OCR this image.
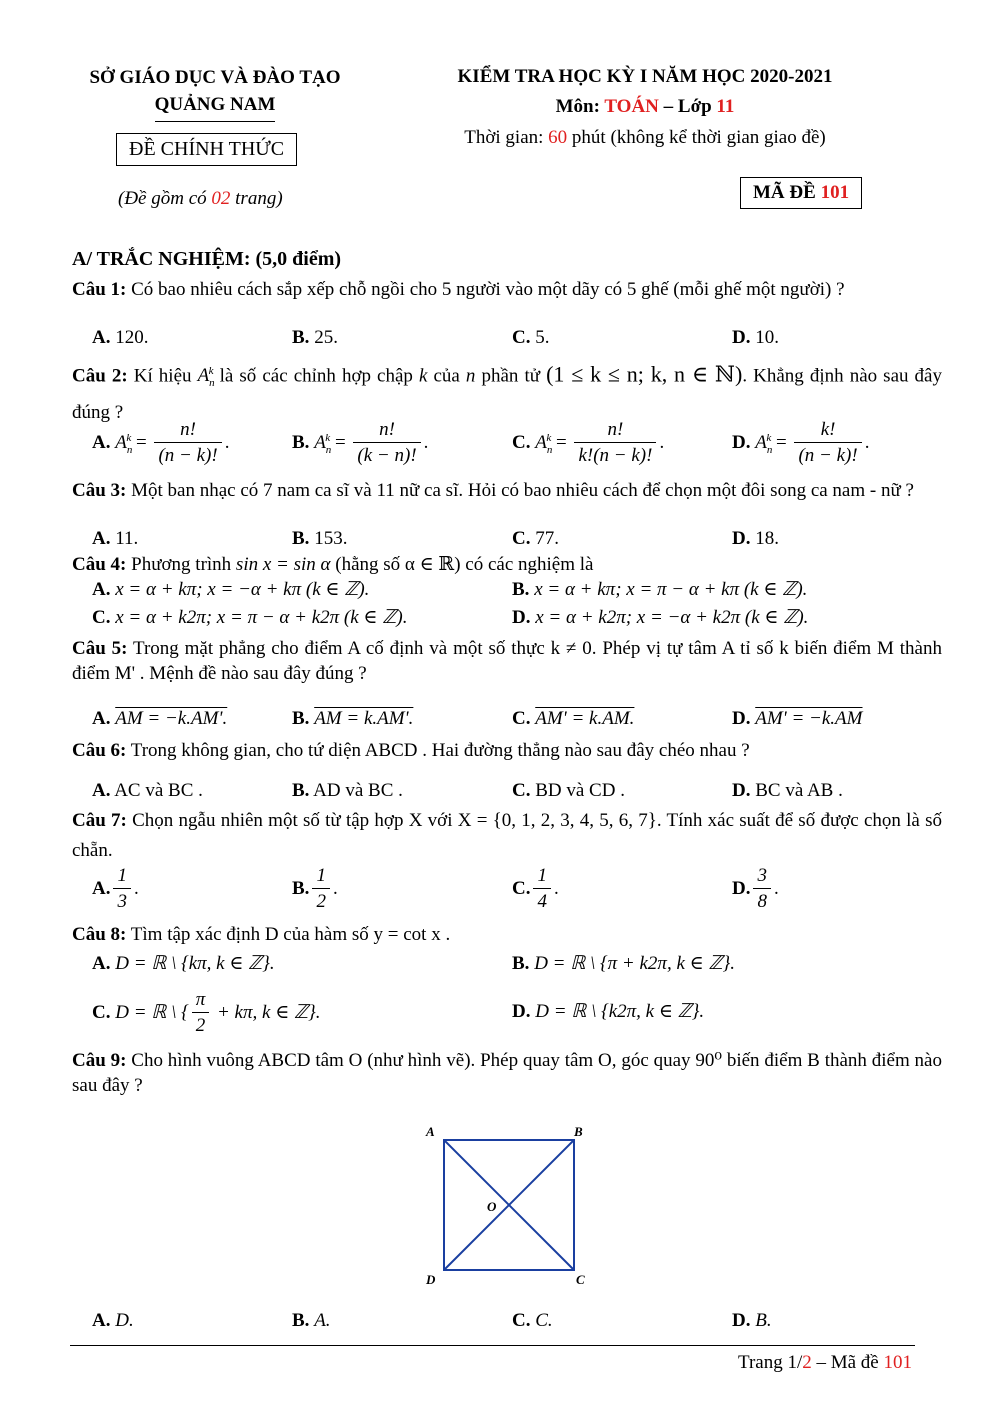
SỞ GIÁO DỤC VÀ ĐÀO TẠO
QUẢNG NAM
ĐỀ CHÍNH THỨC
(Đề gồm có 02 trang)
KIỂM TRA HỌC KỲ I NĂM HỌC 2020-2021
Môn: TOÁN – Lớp 11
Thời gian: 60 phút (không kể thời gian giao đề)
MÃ ĐỀ 101
A/ TRẮC NGHIỆM: (5,0 điểm)
Câu 1: Có bao nhiêu cách sắp xếp chỗ ngồi cho 5 người vào một dãy có 5 ghế (mỗi ghế một người) ?
A. 120.	B. 25.	C. 5.	D. 10.
Câu 2: Kí hiệu $A_n^k$ là số các chỉnh hợp chập k của n phần tử (1 ≤ k ≤ n; k, n ∈ ℕ). Khẳng định nào sau đây đúng ?
A. $A_n^k = \frac{n!}{(n - k)!}$ .	B. $A_n^k = \frac{n!}{(k - n)!}$ .	C. $A_n^k = \frac{n!}{k!(n - k)!}$ .	D. $A_n^k = \frac{k!}{(n - k)!}$ .
Câu 3: Một ban nhạc có 7 nam ca sĩ và 11 nữ ca sĩ. Hỏi có bao nhiêu cách để chọn một đôi song ca nam - nữ ?
A. 11.	B. 153.	C. 77.	D. 18.
Câu 4: Phương trình sin x = sin α (hằng số α ∈ ℝ) có các nghiệm là
A. x = α + kπ; x = −α + kπ (k ∈ ℤ).	B. x = α + kπ; x = π − α + kπ (k ∈ ℤ).
C. x = α + k2π; x = π − α + k2π (k ∈ ℤ).	D. x = α + k2π; x = −α + k2π (k ∈ ℤ).
Câu 5: Trong mặt phẳng cho điểm A cố định và một số thực k ≠ 0. Phép vị tự tâm A tỉ số k biến điểm M thành điểm M' . Mệnh đề nào sau đây đúng ?
A. AM = −k.AM'.	B. AM = k.AM'.	C. AM' = k.AM.	D. AM' = −k.AM
Câu 6: Trong không gian, cho tứ diện ABCD . Hai đường thẳng nào sau đây chéo nhau ?
A. AC và BC .	B. AD và BC .	C. BD và CD .	D. BC và AB .
Câu 7: Chọn ngẫu nhiên một số từ tập hợp X với X = {0, 1, 2, 3, 4, 5, 6, 7}. Tính xác suất để số được chọn là số chẵn.
A. $\frac{1}{3}$ .	B. $\frac{1}{2}$ .	C. $\frac{1}{4}$ .	D. $\frac{3}{8}$ .
Câu 8: Tìm tập xác định D của hàm số y = cot x .
A. D = ℝ \ {kπ, k ∈ ℤ}.	B. D = ℝ \ {π + k2π, k ∈ ℤ}.
C. D = ℝ \ { $\frac{\pi}{2} + k\pi$, k ∈ ℤ}.	D. D = ℝ \ {k2π, k ∈ ℤ}.
Câu 9: Cho hình vuông ABCD tâm O (như hình vẽ). Phép quay tâm O, góc quay 90⁰ biến điểm B thành điểm nào sau đây ?
A	B
C
D
O
A. D.	B. A.	C. C.	D. B.
Trang 1/2 – Mã đề 101
